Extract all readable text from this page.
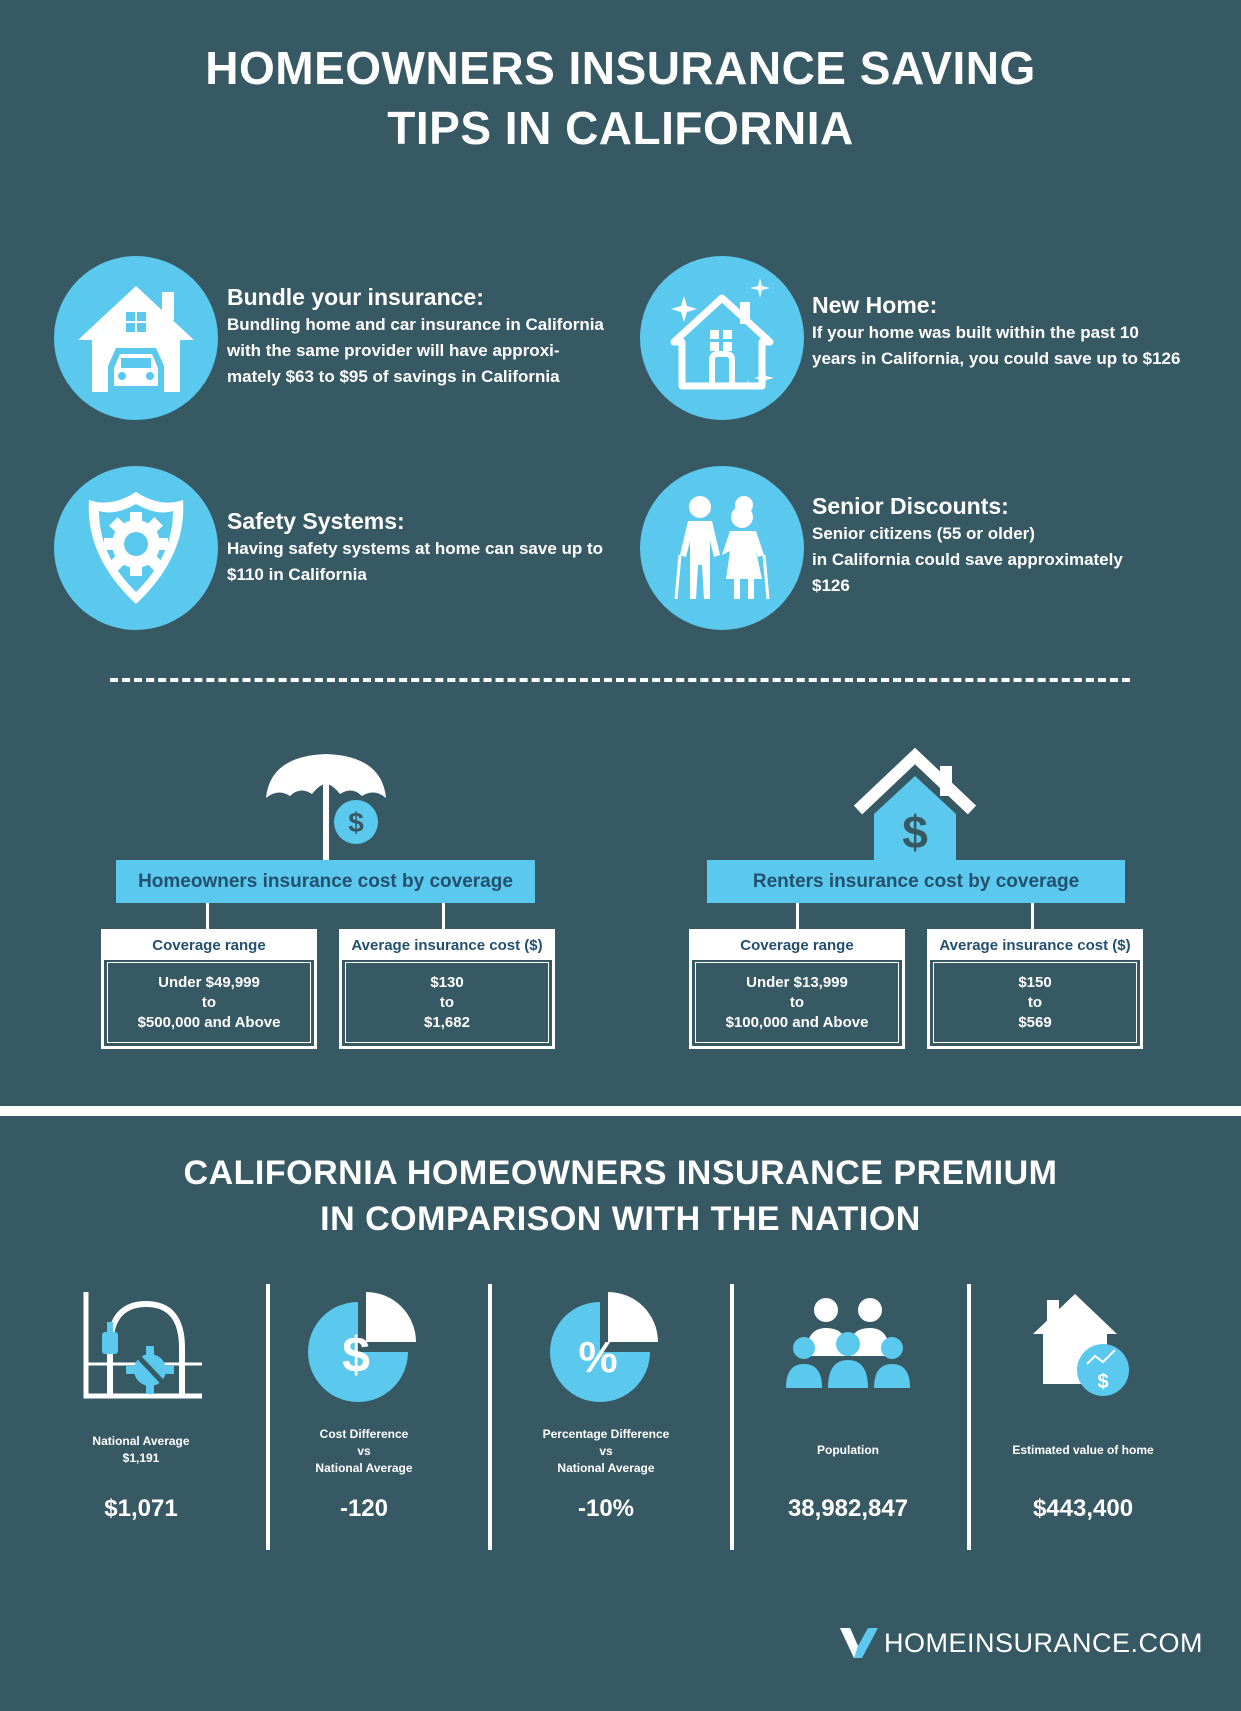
HOMEOWNERS INSURANCE SAVING
TIPS IN CALIFORNIA
Bundle your insurance:
Bundling home and car insurance in California
with the same provider will have approxi-
mately $63 to $95 of savings in California
New Home:
If your home was built within the past 10
years in California, you could save up to $126
Safety Systems:
Having safety systems at home can save up to
$110 in California
Senior Discounts:
Senior citizens (55 or older)
in California could save approximately
$126
$
Homeowners insurance cost by coverage
Coverage range
Under $49,999
to
$500,000 and Above
Average insurance cost ($)
$130
to
$1,682
$
Renters insurance cost by coverage
Coverage range
Under $13,999
to
$100,000 and Above
Average insurance cost ($)
$150
to
$569
CALIFORNIA HOMEOWNERS INSURANCE PREMIUM
IN COMPARISON WITH THE NATION
National Average
$1,191
$1,071
$
Cost Difference
vs
National Average
-120
%
Percentage Difference
vs
National Average
-10%
Population
38,982,847
$
Estimated value of home
$443,400
HOMEINSURANCE.COM
